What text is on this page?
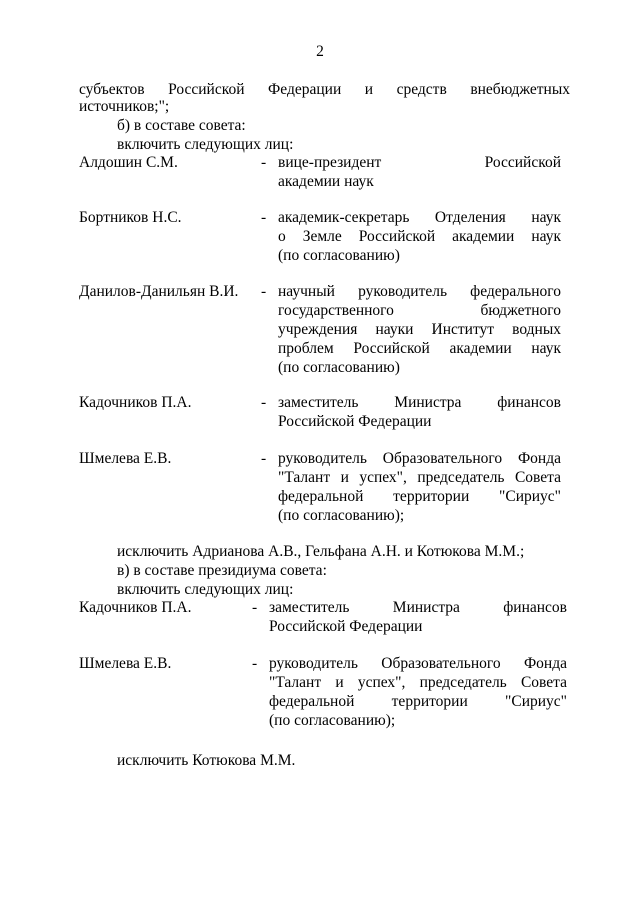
2
субъектов Российской Федерации и средств внебюджетных
источников;";
б) в составе совета:
включить следующих лиц:
Алдошин С.М.	- вице-президент Российской
академии наук
Бортников Н.С.	- академик-секретарь Отделения наук
о Земле Российской академии наук
(по согласованию)
Данилов-Данильян В.И. - научный руководитель федерального
государственного бюджетного
учреждения науки Институт водных
проблем Российской академии наук
(по согласованию)
Кадочников П.А.	- заместитель Министра финансов
Российской Федерации
Шмелева Е.В.	- руководитель Образовательного Фонда
"Талант и успех", председатель Совета
федеральной территории "Сириус"
(по согласованию);
исключить Адрианова А.В., Гельфана А.Н. и Котюкова М.М.;
в) в составе президиума совета:
включить следующих лиц:
Кадочников П.А.	- заместитель Министра финансов
Российской Федерации
Шмелева Е.В.	- руководитель Образовательного Фонда
"Талант и успех", председатель Совета
федеральной территории "Сириус"
(по согласованию);
исключить Котюкова М.М.
